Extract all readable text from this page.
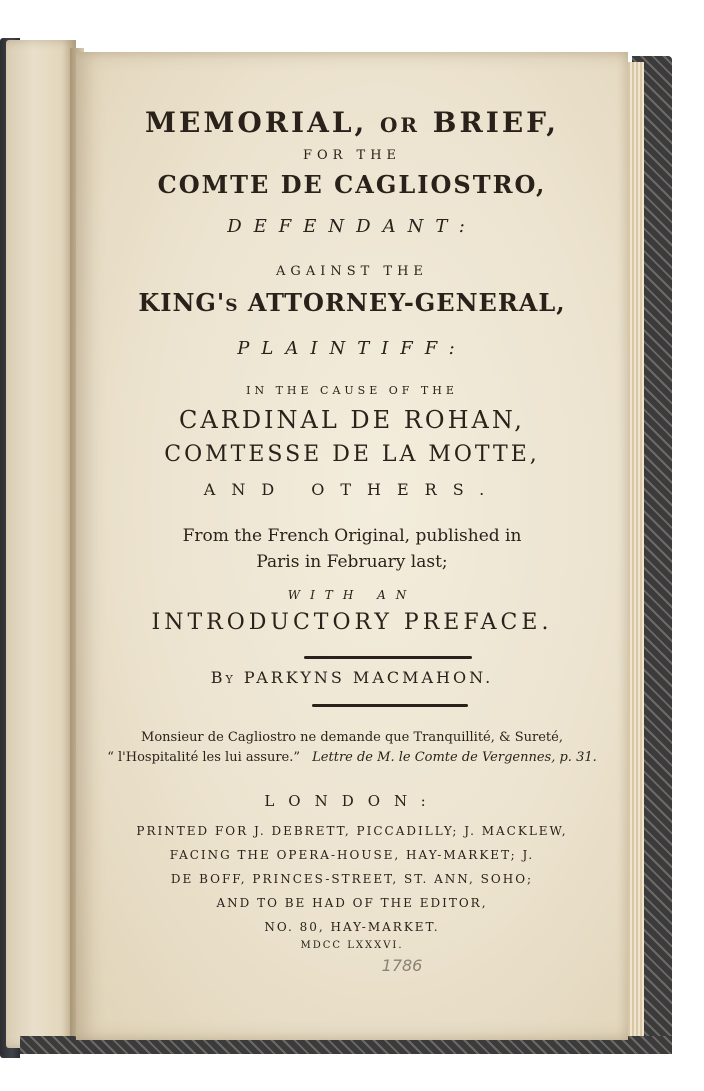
MEMORIAL, or BRIEF,
FOR THE
COMTE DE CAGLIOSTRO,
DEFENDANT:
AGAINST THE
KING's ATTORNEY-GENERAL,
PLAINTIFF:
IN THE CAUSE OF THE
CARDINAL DE ROHAN,
COMTESSE DE LA MOTTE,
AND OTHERS.
From the French Original, published in
Paris in February last;
WITH AN
INTRODUCTORY PREFACE.
By PARKYNS MACMAHON.
Monsieur de Cagliostro ne demande que Tranquillité, & Sureté,
“ l'Hospitalité les lui assure.” Lettre de M. le Comte de Vergennes, p. 31.
LONDON:
PRINTED FOR J. DEBRETT, PICCADILLY; J. MACKLEW,
FACING THE OPERA-HOUSE, HAY-MARKET; J.
DE BOFF, PRINCES-STREET, ST. ANN, SOHO;
AND TO BE HAD OF THE EDITOR,
NO. 80, HAY-MARKET.
MDCC LXXXVI.
1786
